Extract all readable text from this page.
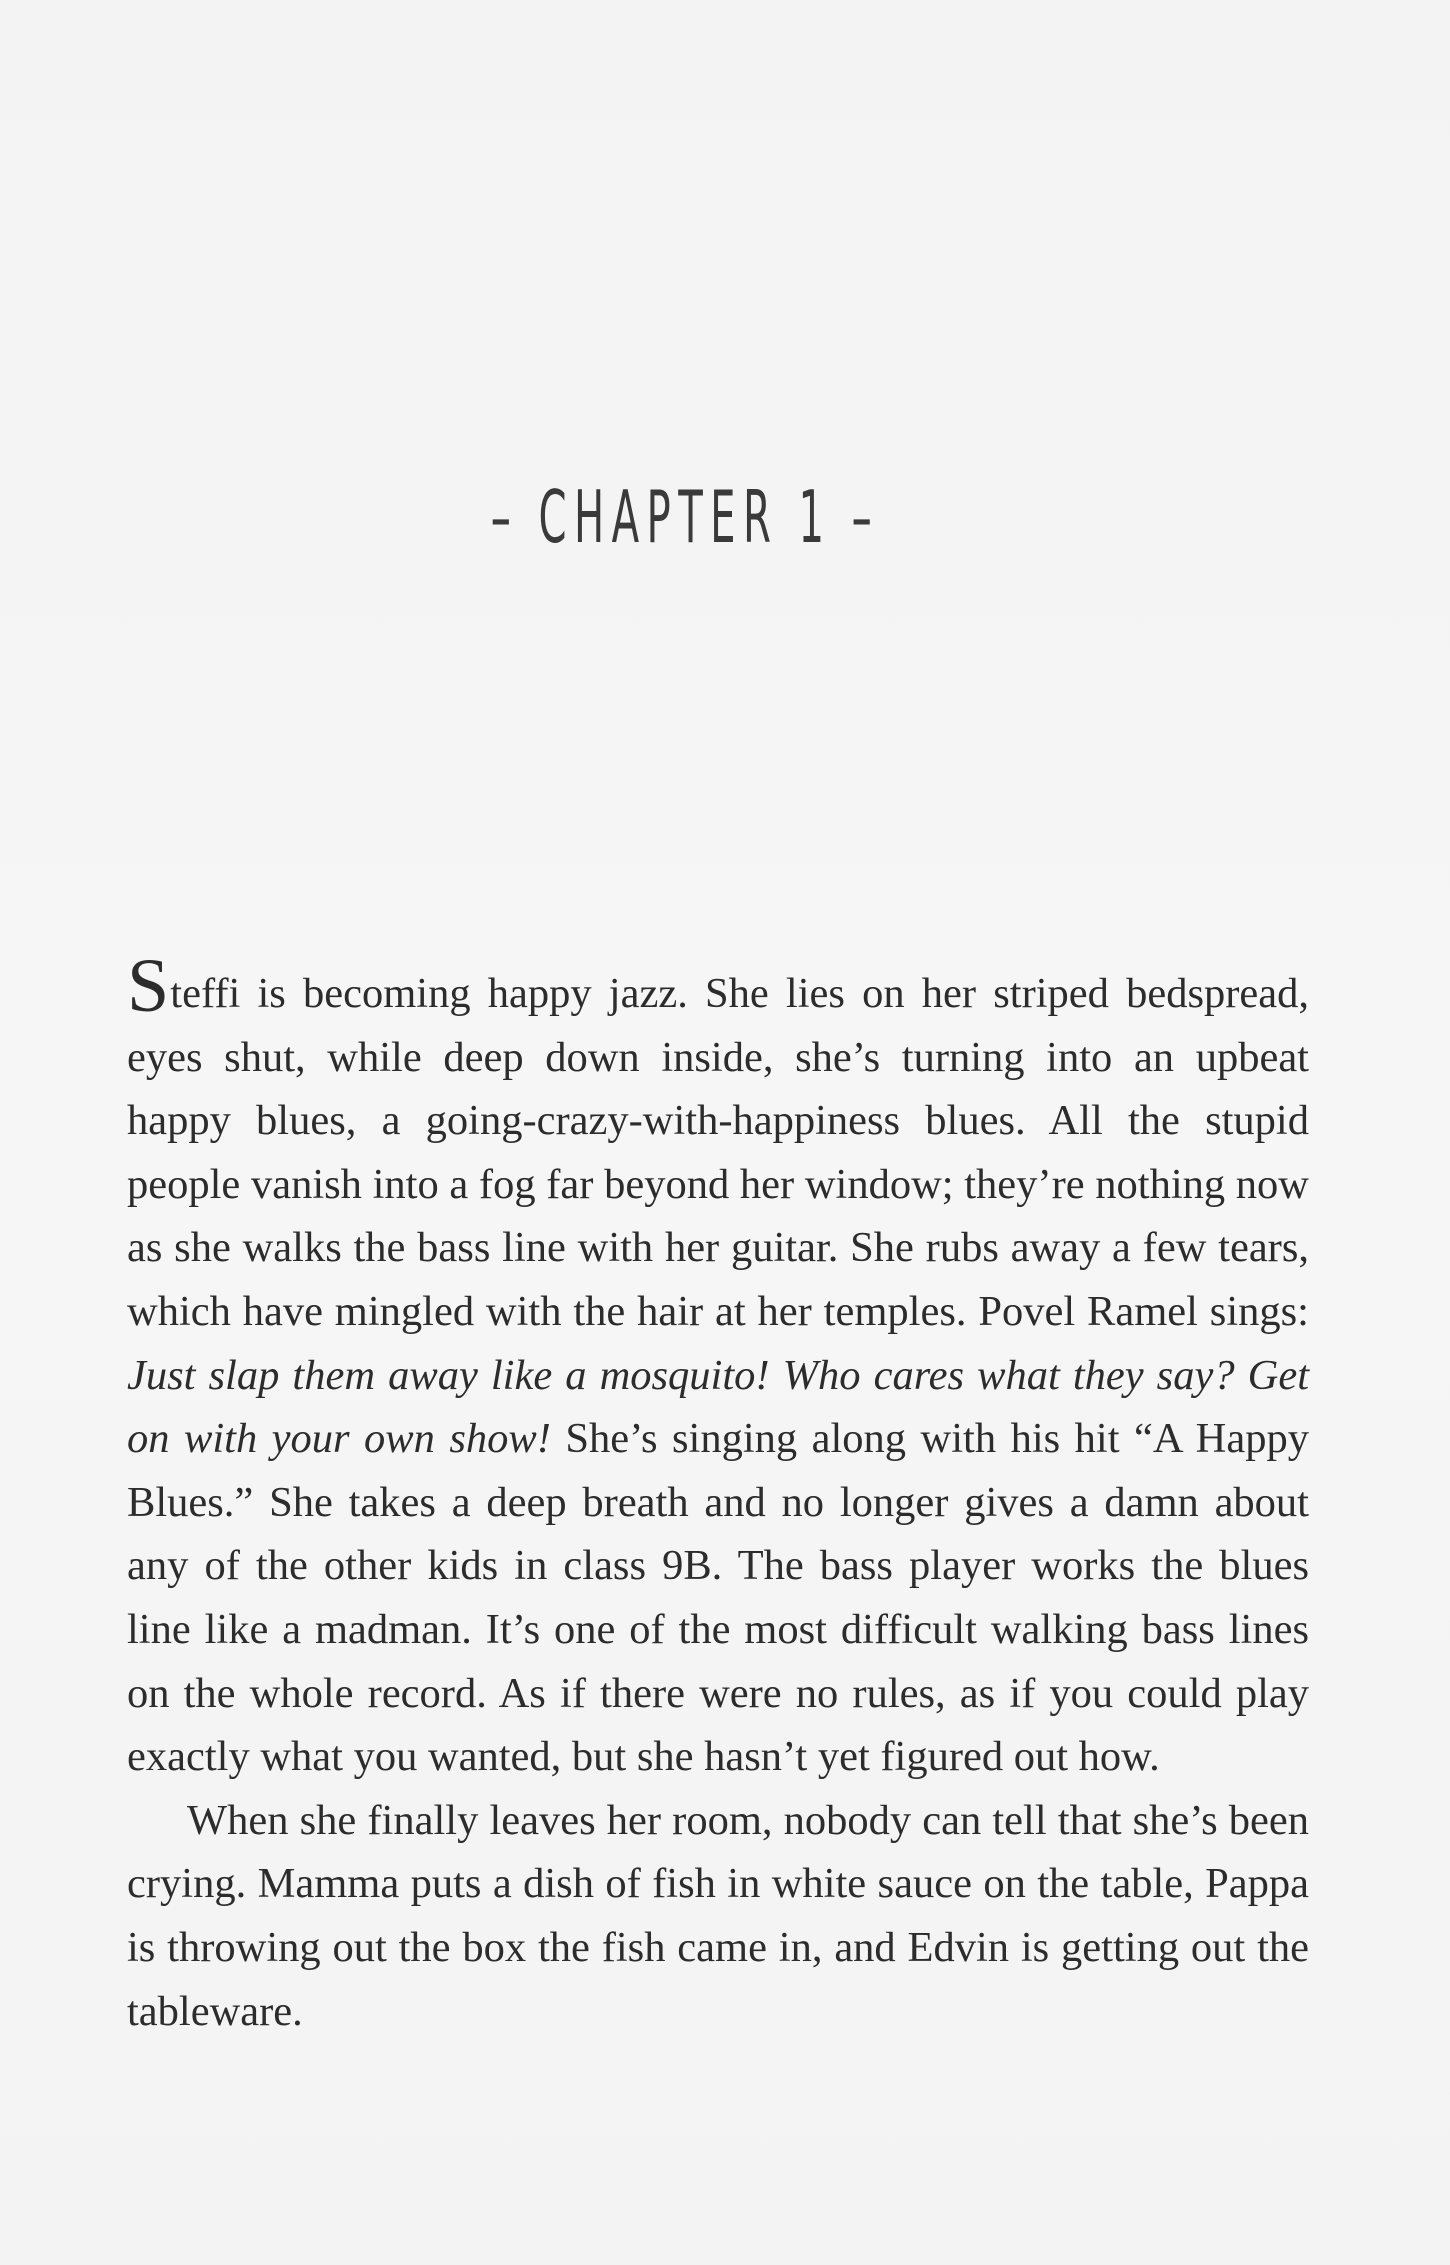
– CHAPTER 1 –

Steffi is becoming happy jazz. She lies on her striped bedspread, eyes shut, while deep down inside, she’s turning into an upbeat happy blues, a going-crazy-with-happiness blues. All the stupid people vanish into a fog far beyond her window; they’re nothing now as she walks the bass line with her guitar. She rubs away a few tears, which have mingled with the hair at her temples. Povel Ramel sings: Just slap them away like a mosquito! Who cares what they say? Get on with your own show! She’s singing along with his hit “A Happy Blues.” She takes a deep breath and no longer gives a damn about any of the other kids in class 9B. The bass player works the blues line like a madman. It’s one of the most difficult walking bass lines on the whole record. As if there were no rules, as if you could play exactly what you wanted, but she hasn’t yet figured out how.

When she finally leaves her room, nobody can tell that she’s been crying. Mamma puts a dish of fish in white sauce on the table, Pappa is throwing out the box the fish came in, and Edvin is getting out the tableware.
